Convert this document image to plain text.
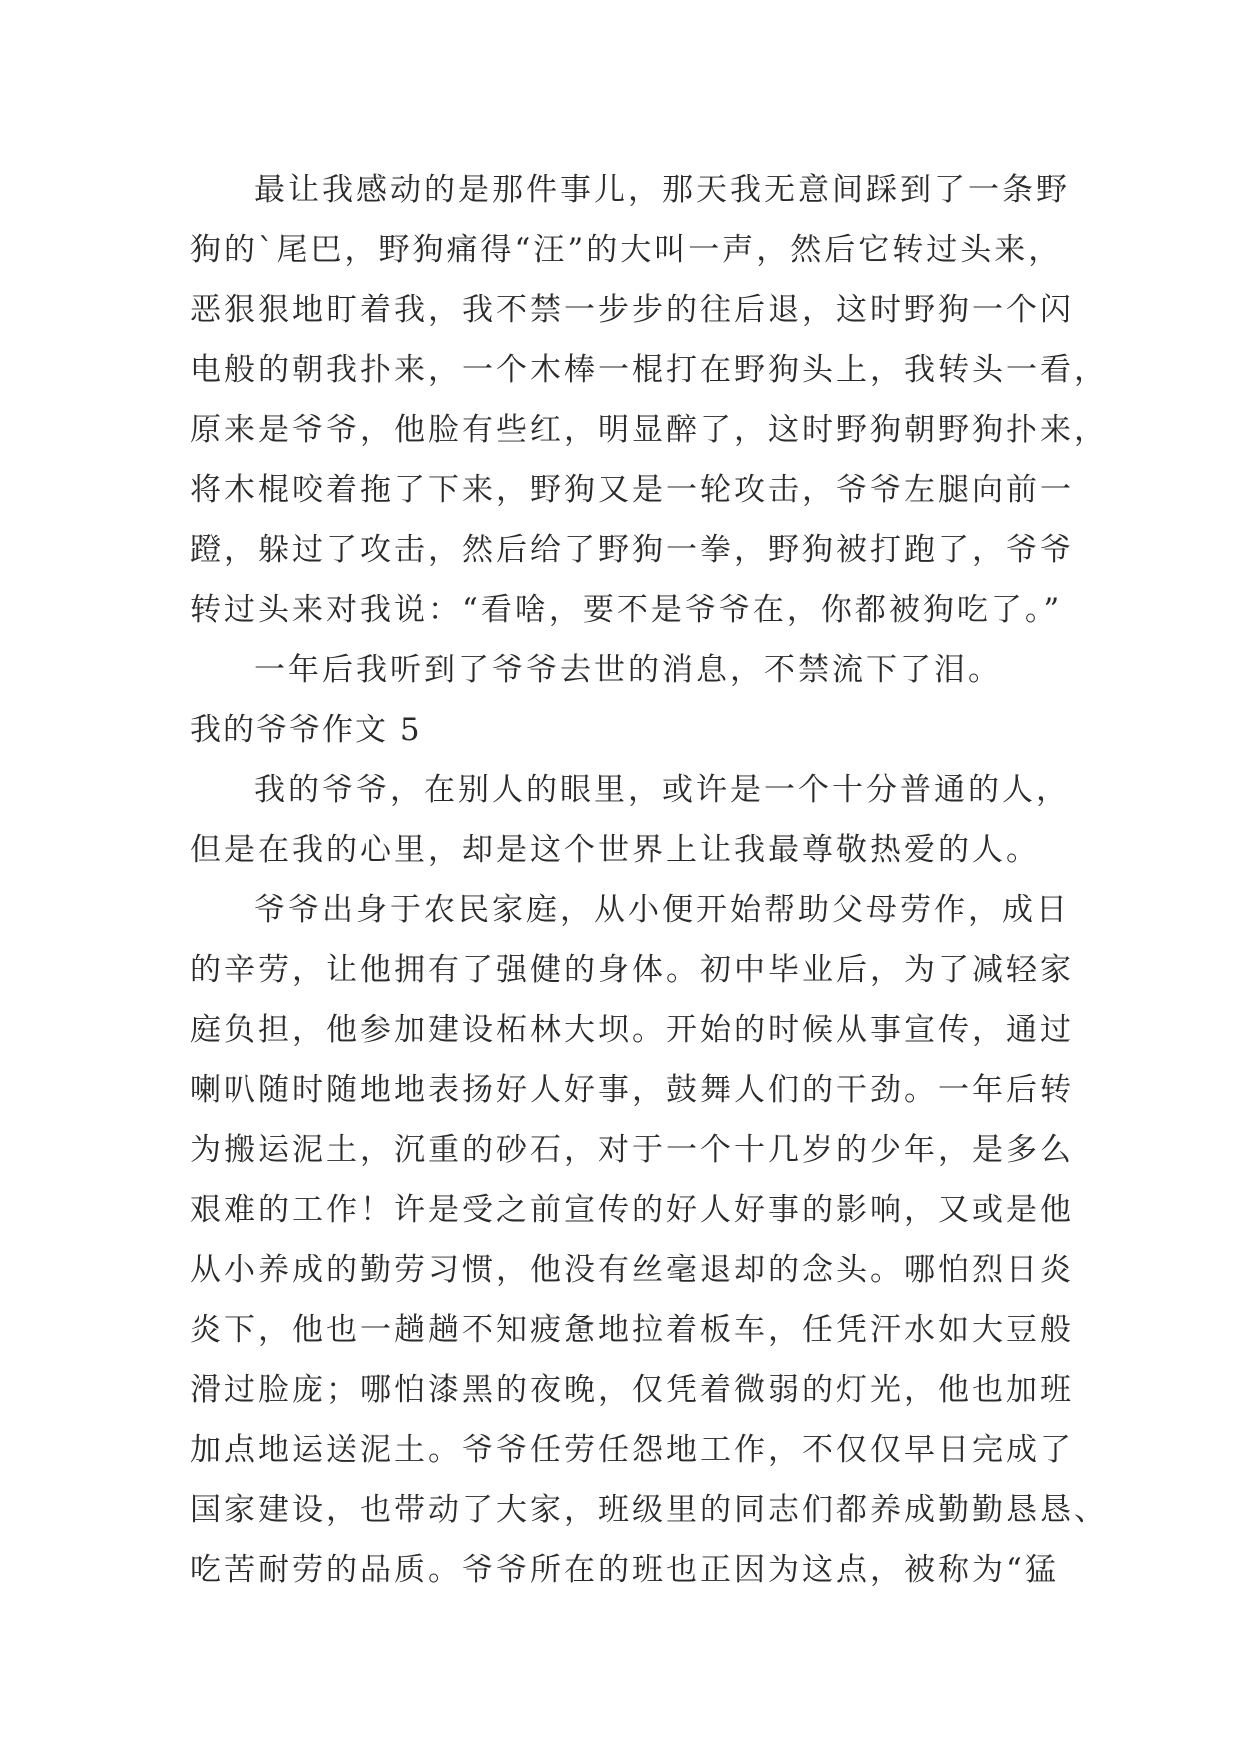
最让我感动的是那件事儿，那天我无意间踩到了一条野
狗的`尾巴，野狗痛得“汪”的大叫一声，然后它转过头来，
恶狠狠地盯着我，我不禁一步步的往后退，这时野狗一个闪
电般的朝我扑来，一个木棒一棍打在野狗头上，我转头一看，
原来是爷爷，他脸有些红，明显醉了，这时野狗朝野狗扑来，
将木棍咬着拖了下来，野狗又是一轮攻击，爷爷左腿向前一
蹬，躲过了攻击，然后给了野狗一拳，野狗被打跑了，爷爷
转过头来对我说：“看啥，要不是爷爷在，你都被狗吃了。”
一年后我听到了爷爷去世的消息，不禁流下了泪。
我的爷爷作文 5
我的爷爷，在别人的眼里，或许是一个十分普通的人，
但是在我的心里，却是这个世界上让我最尊敬热爱的人。
爷爷出身于农民家庭，从小便开始帮助父母劳作，成日
的辛劳，让他拥有了强健的身体。初中毕业后，为了减轻家
庭负担，他参加建设柘林大坝。开始的时候从事宣传，通过
喇叭随时随地地表扬好人好事，鼓舞人们的干劲。一年后转
为搬运泥土，沉重的砂石，对于一个十几岁的少年，是多么
艰难的工作！许是受之前宣传的好人好事的影响，又或是他
从小养成的勤劳习惯，他没有丝毫退却的念头。哪怕烈日炎
炎下，他也一趟趟不知疲惫地拉着板车，任凭汗水如大豆般
滑过脸庞；哪怕漆黑的夜晚，仅凭着微弱的灯光，他也加班
加点地运送泥土。爷爷任劳任怨地工作，不仅仅早日完成了
国家建设，也带动了大家，班级里的同志们都养成勤勤恳恳、
吃苦耐劳的品质。爷爷所在的班也正因为这点，被称为“猛
